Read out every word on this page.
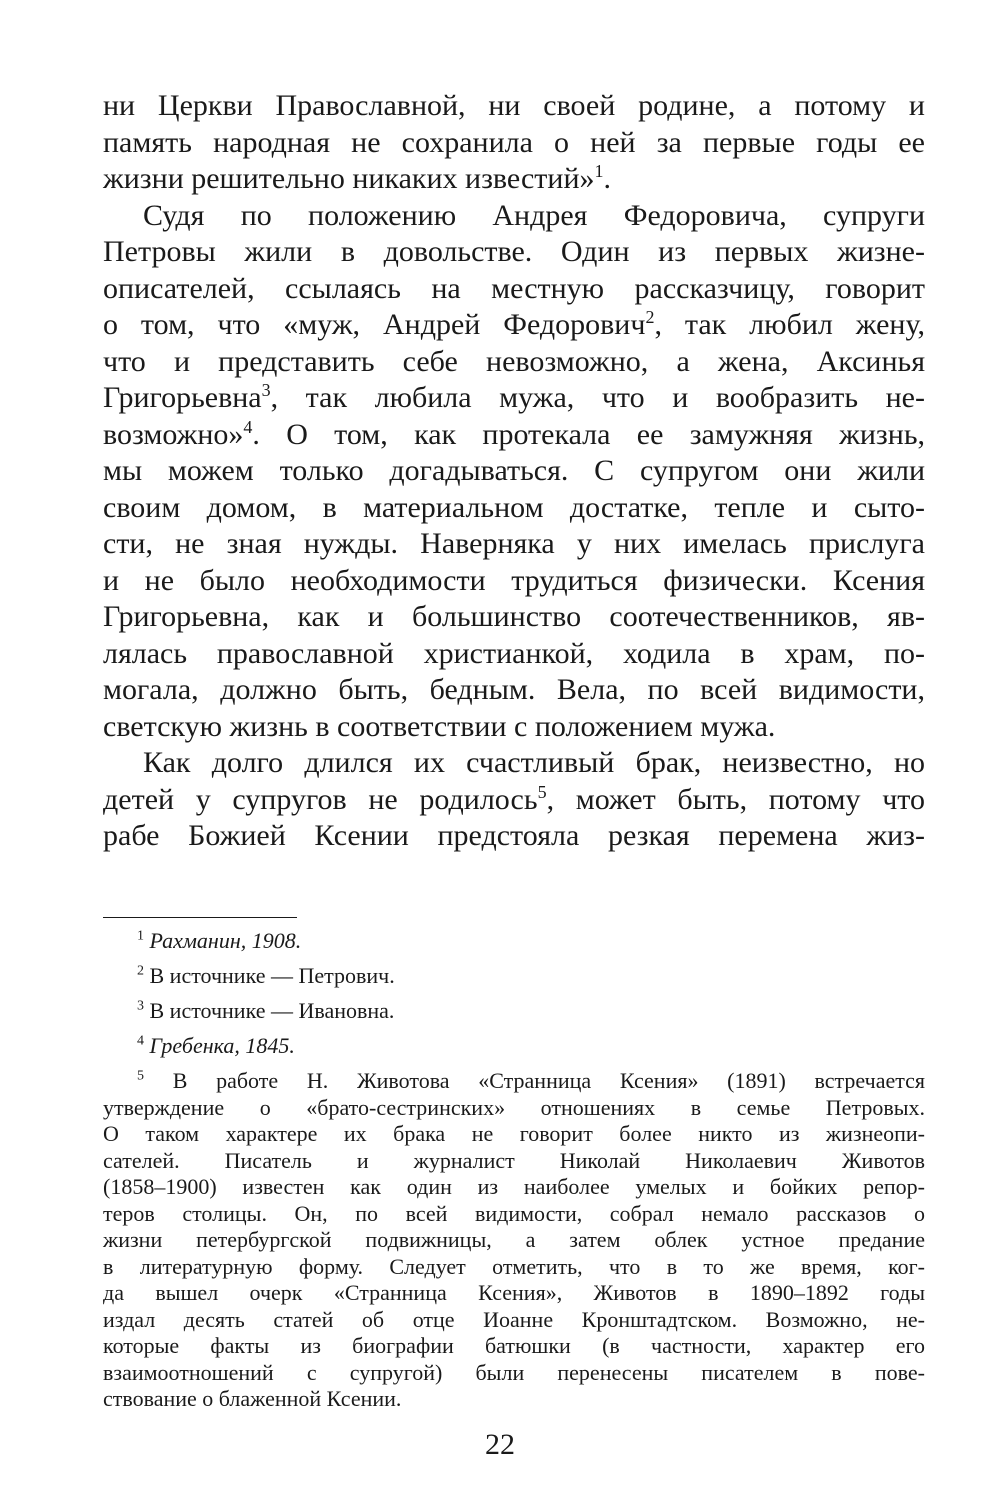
ни Церкви Православной, ни своей родине, а потому и
память народная не сохранила о ней за первые годы ее
жизни решительно никаких известий»$^1$.

Судя по положению Андрея Федоровича, супруги
Петровы жили в довольстве. Один из первых жизне-
описателей, ссылаясь на местную рассказчицу, говорит
о том, что «муж, Андрей Федорович$^2$, так любил жену,
что и представить себе невозможно, а жена, Аксинья
Григорьевна$^3$, так любила мужа, что и вообразить не-
возможно»$^4$. О том, как протекала ее замужняя жизнь,
мы можем только догадываться. С супругом они жили
своим домом, в материальном достатке, тепле и сыто-
сти, не зная нужды. Наверняка у них имелась прислуга
и не было необходимости трудиться физически. Ксения
Григорьевна, как и большинство соотечественников, яв-
лялась православной христианкой, ходила в храм, по-
могала, должно быть, бедным. Вела, по всей видимости,
светскую жизнь в соответствии с положением мужа.

Как долго длился их счастливый брак, неизвестно, но
детей у супругов не родилось$^5$, может быть, потому что
рабе Божией Ксении предстояла резкая перемена жиз-

$^1$ Рахманин, 1908.

$^2$ В источнике — Петрович.

$^3$ В источнике — Ивановна.

$^4$ Гребенка, 1845.

$^5$ В работе Н. Животова «Странница Ксения» (1891) встречается
утверждение о «брато-сестринских» отношениях в семье Петровых.
О таком характере их брака не говорит более никто из жизнеопи-
сателей. Писатель и журналист Николай Николаевич Животов
(1858–1900) известен как один из наиболее умелых и бойких репор-
теров столицы. Он, по всей видимости, собрал немало рассказов о
жизни петербургской подвижницы, а затем облек устное предание
в литературную форму. Следует отметить, что в то же время, ког-
да вышел очерк «Странница Ксения», Животов в 1890–1892 годы
издал десять статей об отце Иоанне Кронштадтском. Возможно, не-
которые факты из биографии батюшки (в частности, характер его
взаимоотношений с супругой) были перенесены писателем в пове-
ствование о блаженной Ксении.
22
